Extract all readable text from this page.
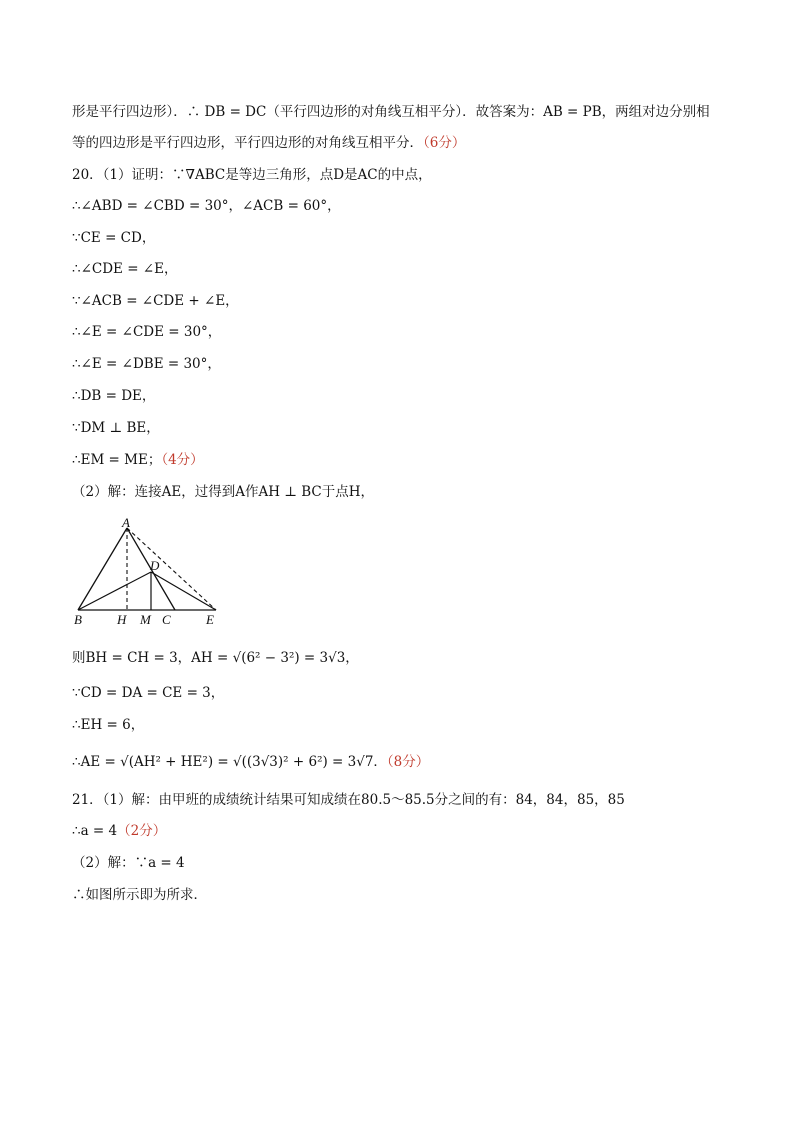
形是平行四边形）．∴ DB = DC（平行四边形的对角线互相平分）．故答案为：AB = PB，两组对边分别相
等的四边形是平行四边形，平行四边形的对角线互相平分．（6分）
20．（1）证明：∵∇ABC是等边三角形，点D是AC的中点，
∴∠ABD = ∠CBD = 30°，∠ACB = 60°，
∵CE = CD，
∴∠CDE = ∠E，
∵∠ACB = ∠CDE + ∠E，
∴∠E = ∠CDE = 30°，
∴∠E = ∠DBE = 30°，
∴DB = DE，
∵DM ⊥ BE，
∴EM = ME；（4分）
（2）解：连接AE，过得到A作AH ⊥ BC于点H，
A
D
B	H M C	E
则BH = CH = 3，AH = √(6² − 3²) = 3√3，
∵CD = DA = CE = 3，
∴EH = 6，
∴AE = √(AH² + HE²) = √((3√3)² + 6²) = 3√7．（8分）
21．（1）解：由甲班的成绩统计结果可知成绩在80.5～85.5分之间的有：84，84，85，85
∴a = 4（2分）
（2）解：∵a = 4
∴如图所示即为所求．
